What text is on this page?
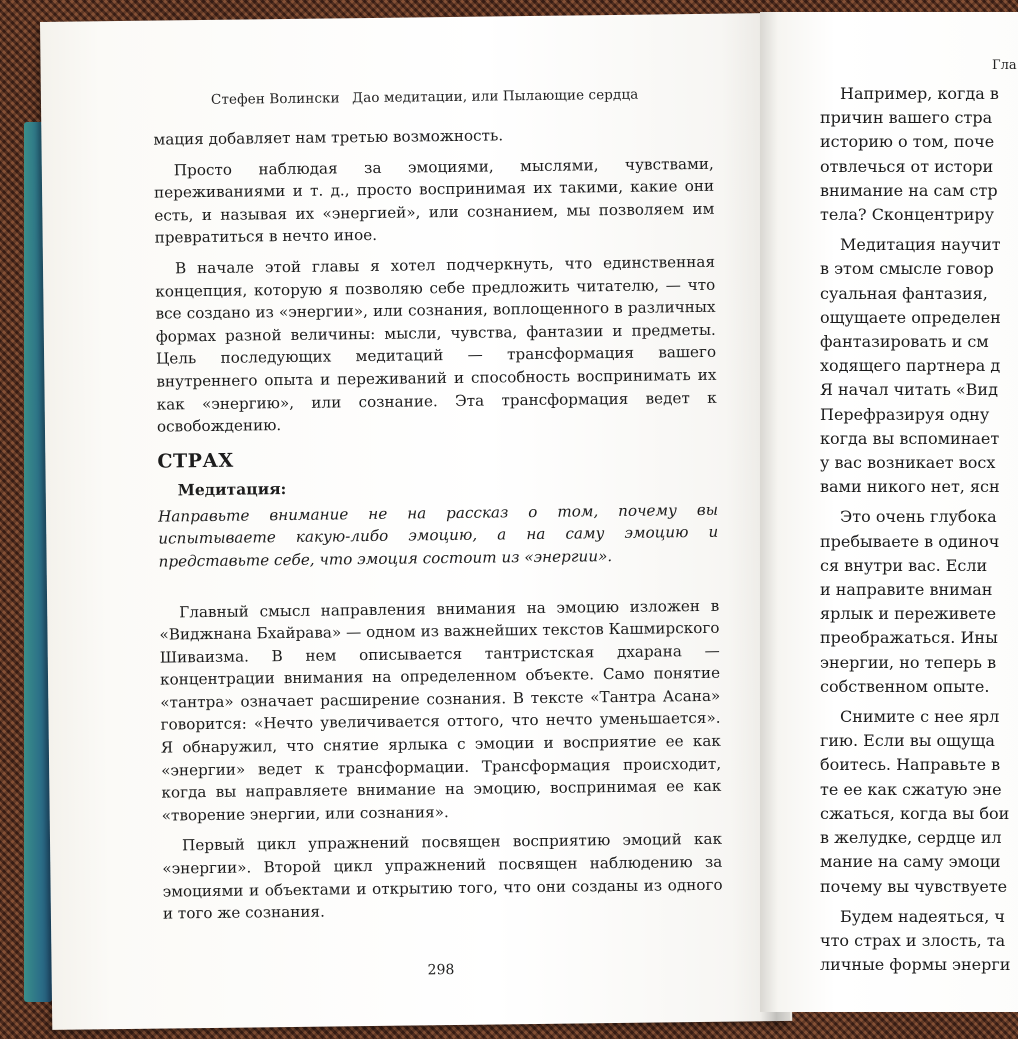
Стефен Волински Дао медитации, или Пылающие сердца

мация добавляет нам третью возможность.

Просто наблюдая за эмоциями, мыслями, чувствами, переживаниями и т. д., просто воспринимая их такими, какие они есть, и называя их «энергией», или сознанием, мы позволяем им превратиться в нечто иное.

В начале этой главы я хотел подчеркнуть, что единственная концепция, которую я позволяю себе предложить читателю, — что все создано из «энергии», или сознания, воплощенного в различных формах разной величины: мысли, чувства, фантазии и предметы. Цель последующих медитаций — трансформация вашего внутреннего опыта и переживаний и способность воспринимать их как «энергию», или сознание. Эта трансформация ведет к освобождению.

СТРАХ
Медитация:

Направьте внимание не на рассказ о том, почему вы испытываете какую-либо эмоцию, а на саму эмоцию и представьте себе, что эмоция состоит из «энергии».

Главный смысл направления внимания на эмоцию изложен в «Виджнана Бхайрава» — одном из важнейших текстов Кашмирского Шиваизма. В нем описывается тантристская дхарана — концентрации внимания на определенном объекте. Само понятие «тантра» означает расширение сознания. В тексте «Тантра Асана» говорится: «Нечто увеличивается оттого, что нечто уменьшается». Я обнаружил, что снятие ярлыка с эмоции и восприятие ее как «энергии» ведет к трансформации. Трансформация происходит, когда вы направляете внимание на эмоцию, воспринимая ее как «творение энергии, или сознания».

Первый цикл упражнений посвящен восприятию эмоций как «энергии». Второй цикл упражнений посвящен наблюдению за эмоциями и объектами и открытию того, что они созданы из одного и того же сознания.

298
Гла
Например, когда в
причин вашего стра
историю о том, поче
отвлечься от истори
внимание на сам стр
тела? Сконцентриру
Медитация научит
в этом смысле говор
суальная фантазия,
ощущаете определен
фантазировать и см
ходящего партнера д
Я начал читать «Вид
Перефразируя одну
когда вы вспоминает
у вас возникает восх
вами никого нет, ясн
Это очень глубока
пребываете в одиноч
ся внутри вас. Если
и направите вниман
ярлык и переживете
преображаться. Ины
энергии, но теперь в
собственном опыте.
Снимите с нее ярл
гию. Если вы ощуща
боитесь. Направьте в
те ее как сжатую эне
сжаться, когда вы бои
в желудке, сердце ил
мание на саму эмоци
почему вы чувствуете
Будем надеяться, ч
что страх и злость, та
личные формы энерги
